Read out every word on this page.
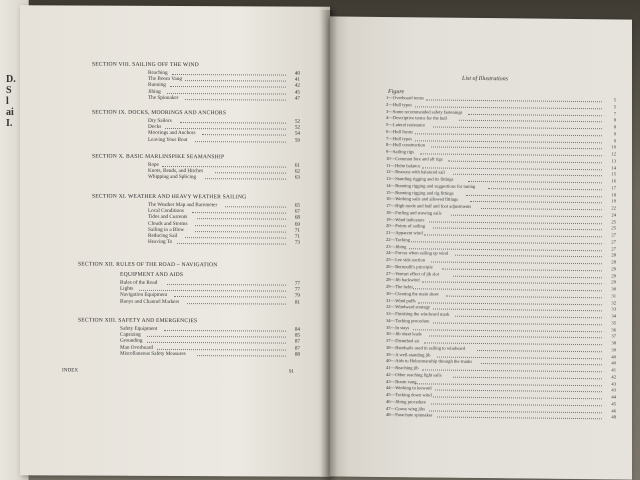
D.
S
l
ai
I.
SECTION VIII. SAILING OFF THE WIND
Reaching	40
The Boom Vang	41
Running	42
Jibing	45
The Spinnaker	47
SECTION IX. DOCKS, MOORINGS AND ANCHORS
Dry Sailors	52
Docks	52
Moorings and Anchors	54
Leaving Your Boat	59
SECTION X. BASIC MARLINSPIKE SEAMANSHIP
Rope	61
Knots, Bends, and Hitches	62
Whipping and Splicing	63
SECTION XI. WEATHER AND HEAVY WEATHER SAILING
The Weather Map and Barometer	65
Local Conditions	67
Tides and Currents	68
Clouds and Storms	69
Sailing in a Blow	71
Reducing Sail	71
Heaving To	73
SECTION XII. RULES OF THE ROAD – NAVIGATION
EQUIPMENT AND AIDS
Rules of the Road	77
Lights	77
Navigation Equipment	79
Buoys and Channel Markers	81
SECTION XIII. SAFETY AND EMERGENCIES
Safety Equipment	84
Capsizing	85
Grounding	87
Man Overboard	87
Miscellaneous Safety Measures	88
INDEX	91
List of Illustrations
Figure
1—Overboard terms	5
2—Hull types	5
3—Some recommended safety fastenings	7
4—Descriptive terms for the hull	8
5—Lateral resistance	8
6—Hull forms	9
7—Hull types	9
8—Hull construction	10
9—Sailing rigs	12
10—Common fore and aft rigs	13
11—Helm balance	14
12—Reasons with balanced sail	15
13—Standing rigging and its fittings	16
14—Running rigging and suggestions for tuning	17
15—Running rigging and rig fittings	18
16—Working sails and allowed fittings	19
17—High mode and half and foot adjustments	22
18—Furling and stowing sails	24
19—Wind indicators	25
20—Points of sailing	25
21—Apparent wind	27
22—Tacking	27
23—Jibing	27
24—Forces when sailing up wind	28
25—Lee side suction	28
26—Bernoulli's principle	29
27—Venturi effect of jib slot	29
28—Jib backwind	29
29—The helm	30
30—Clearing the main sheet	31
31—Wind puffs	32
32—Windward strategy	33
33—Finishing the windward mark	34
34—Tacking procedure	35
35—In stays	36
36—Jib sheet leads	37
37—Disturbed air	38
38—Handsails used in sailing to windward	39
39—A well-standing jib	40
40—Aids to Helmsmanship through the trunks	40
41—Reaching jib	41
42—Other reaching light sails	42
43—Boom vang	43
44—Working to leeward	43
45—Tacking down wind	44
46—Jibing procedure	45
47—Goose wing jibs	46
48—Parachute spinnaker	48
